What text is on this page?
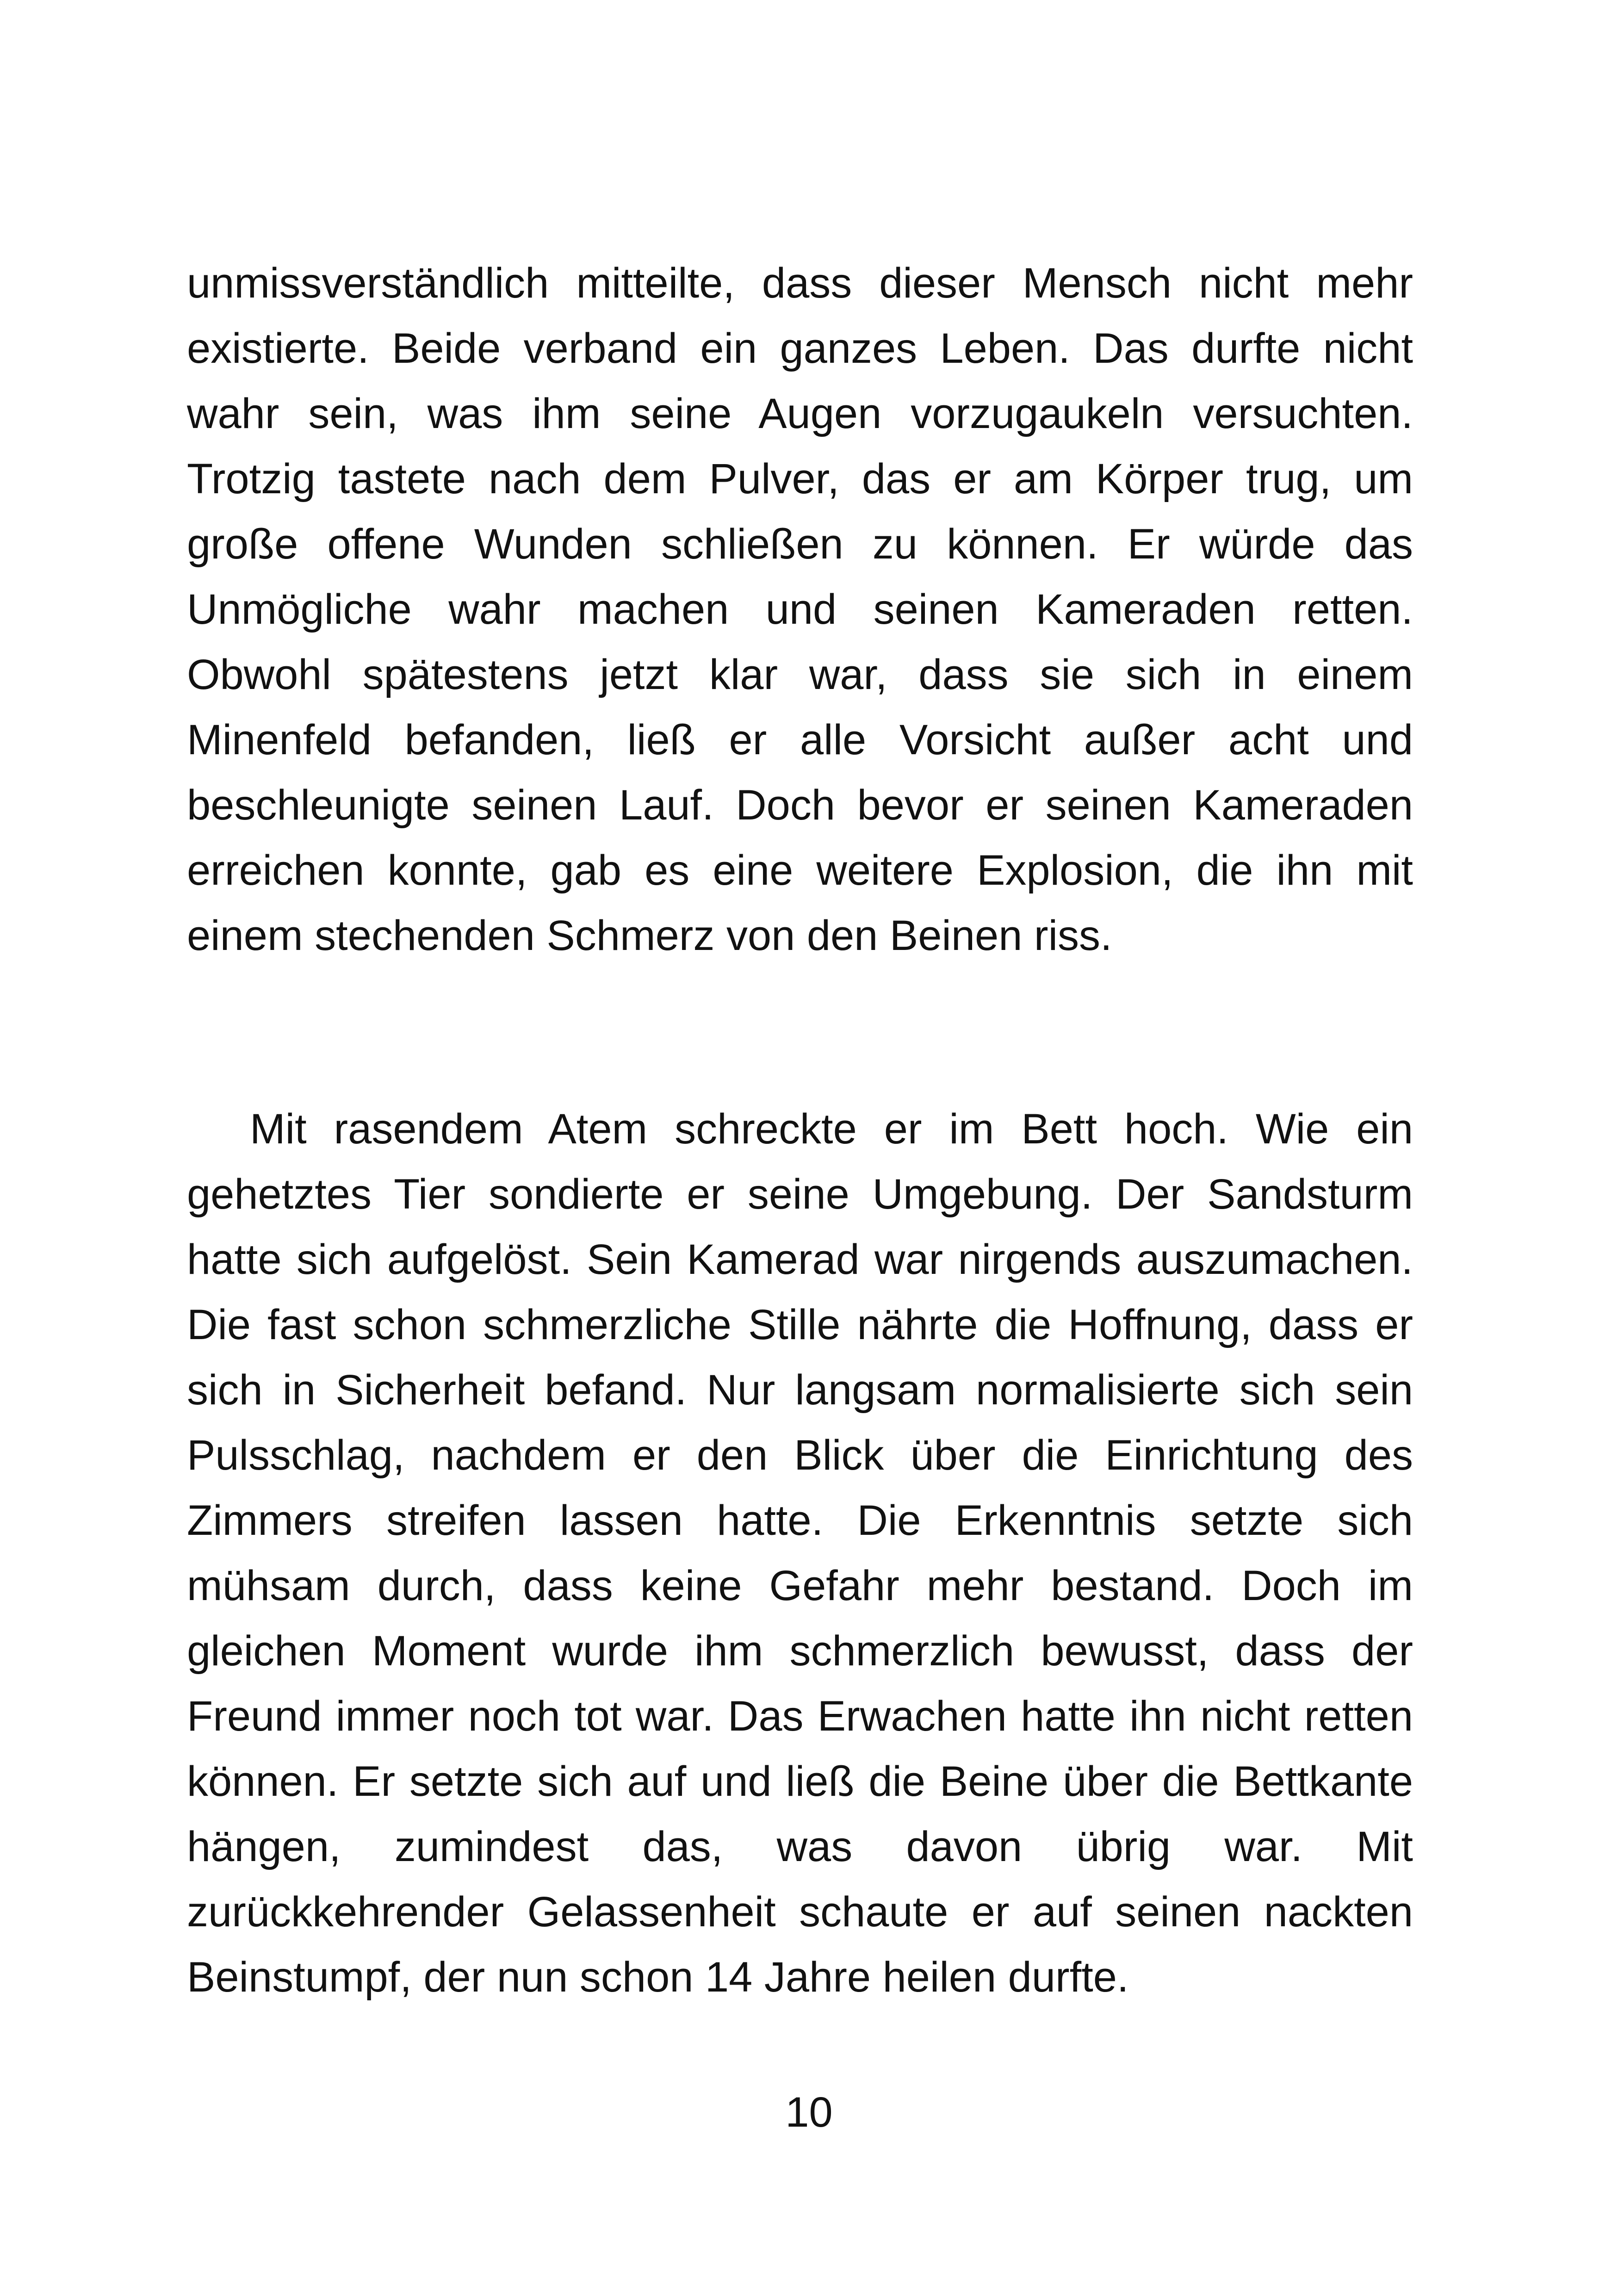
unmissverständlich mitteilte, dass dieser Mensch nicht mehr existierte. Beide verband ein ganzes Leben. Das durfte nicht wahr sein, was ihm seine Augen vorzugaukeln versuchten. Trotzig tastete nach dem Pulver, das er am Körper trug, um große offene Wunden schließen zu können. Er würde das Unmögliche wahr machen und seinen Kameraden retten. Obwohl spätestens jetzt klar war, dass sie sich in einem Minenfeld befanden, ließ er alle Vorsicht außer acht und beschleunigte seinen Lauf. Doch bevor er seinen Kameraden erreichen konnte, gab es eine weitere Explosion, die ihn mit einem stechenden Schmerz von den Beinen riss.

Mit rasendem Atem schreckte er im Bett hoch. Wie ein gehetztes Tier sondierte er seine Umgebung. Der Sandsturm hatte sich aufgelöst. Sein Kamerad war nirgends auszumachen. Die fast schon schmerzliche Stille nährte die Hoffnung, dass er sich in Sicherheit befand. Nur langsam normalisierte sich sein Pulsschlag, nachdem er den Blick über die Einrichtung des Zimmers streifen lassen hatte. Die Erkenntnis setzte sich mühsam durch, dass keine Gefahr mehr bestand. Doch im gleichen Moment wurde ihm schmerzlich bewusst, dass der Freund immer noch tot war. Das Erwachen hatte ihn nicht retten können. Er setzte sich auf und ließ die Beine über die Bettkante hängen, zumindest das, was davon übrig war. Mit zurückkehrender Gelassenheit schaute er auf seinen nackten Beinstumpf, der nun schon 14 Jahre heilen durfte.

10
